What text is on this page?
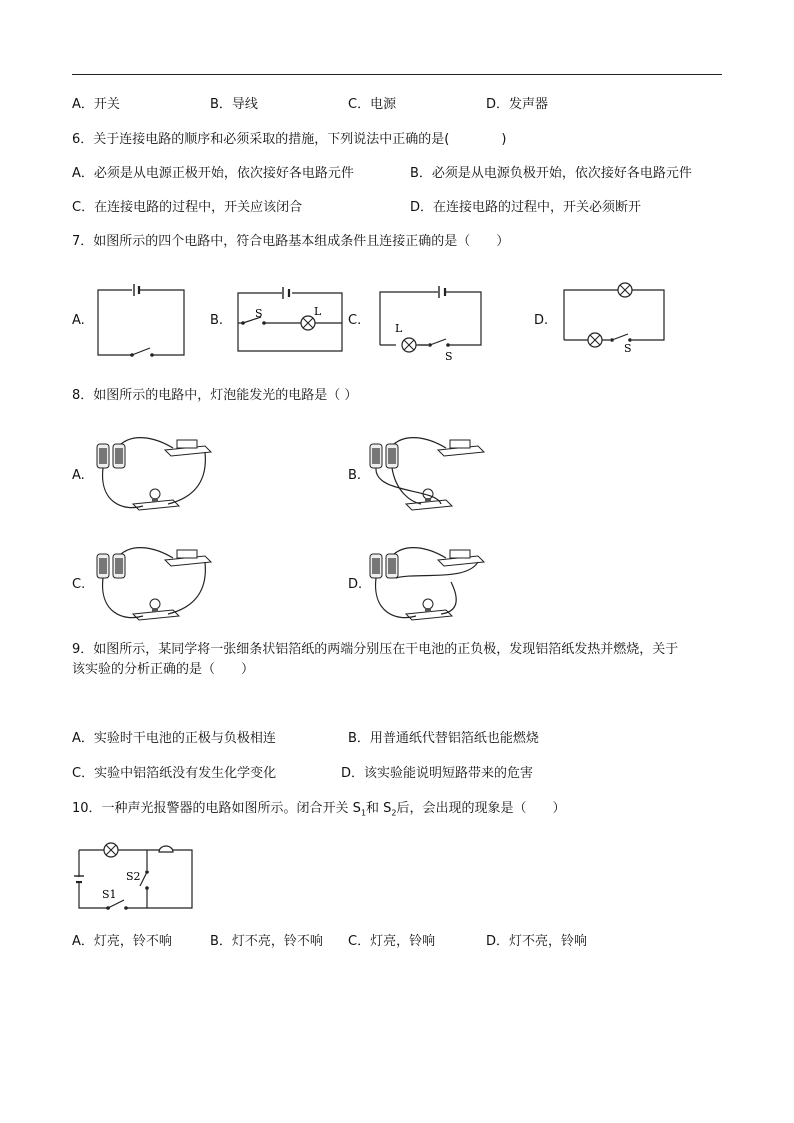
A．开关	B．导线	C．电源	D．发声器
6．关于连接电路的顺序和必须采取的措施，下列说法中正确的是(　　　　)
A．必须是从电源正极开始，依次接好各电路元件	B．必须是从电源负极开始，依次接好各电路元件
C．在连接电路的过程中，开关应该闭合	D．在连接电路的过程中，开关必须断开
7．如图所示的四个电路中，符合电路基本组成条件且连接正确的是（　　）
A.	B.	S	L
C.
L
S
D.
S
8．如图所示的电路中，灯泡能发光的电路是（ ）
A.	B.
C.	D.
9．如图所示，某同学将一张细条状铝箔纸的两端分别压在干电池的正负极，发现铝箔纸发热并燃烧，关于
该实验的分析正确的是（　　）
A．实验时干电池的正极与负极相连	B．用普通纸代替铝箔纸也能燃烧
C．实验中铝箔纸没有发生化学变化	D．该实验能说明短路带来的危害
10．一种声光报警器的电路如图所示。闭合开关 $S_1$和 $S_2$后，会出现的现象是（　　）
S2
S1
A．灯亮，铃不响	B．灯不亮，铃不响 C．灯亮，铃响	D．灯不亮，铃响
